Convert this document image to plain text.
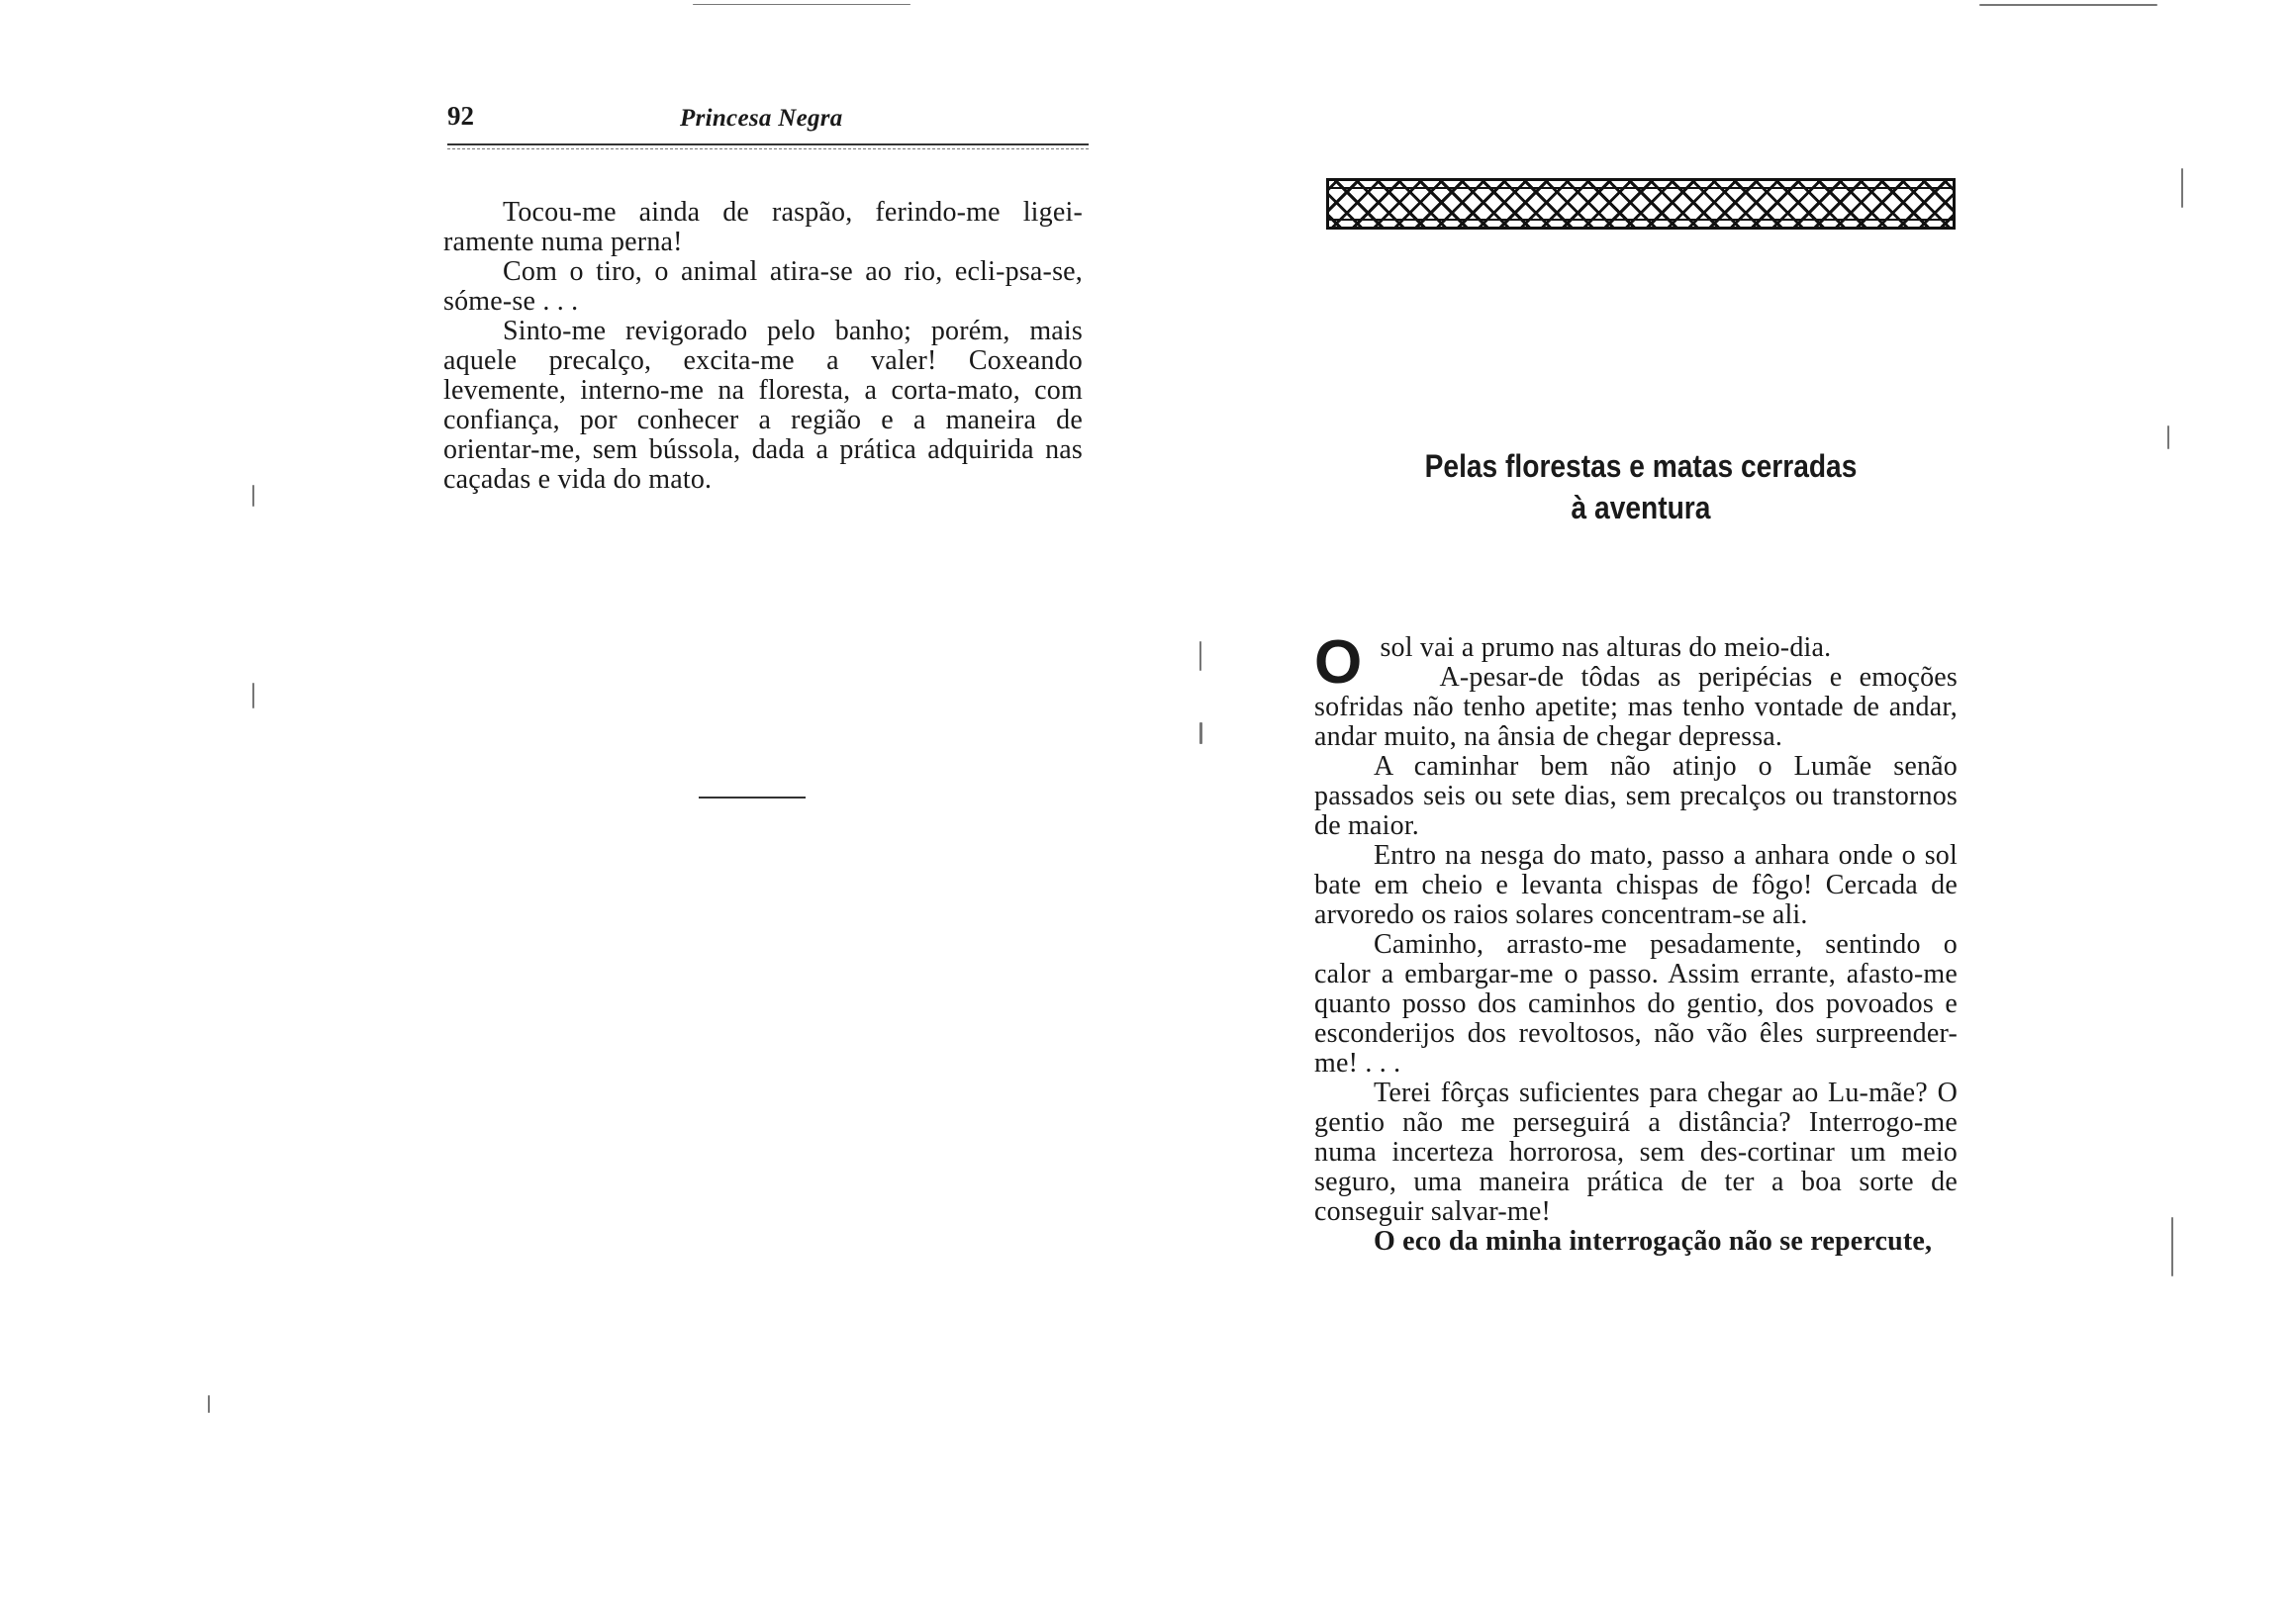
92	Princesa Negra

Tocou-me ainda de raspão, ferindo-me ligei-ramente numa perna!

Com o tiro, o animal atira-se ao rio, ecli-psa-se, sóme-se . . .

Sinto-me revigorado pelo banho; porém, mais aquele precalço, excita-me a valer! Coxeando levemente, interno-me na floresta, a corta-mato, com confiança, por conhecer a região e a maneira de orientar-me, sem bússola, dada a prática adquirida nas caçadas e vida do mato.	Pelas florestas e matas cerradas
à aventura

O sol vai a prumo nas alturas do meio-dia.

A-pesar-de tôdas as peripécias e emoções sofridas não tenho apetite; mas tenho vontade de andar, andar muito, na ânsia de chegar depressa.

A caminhar bem não atinjo o Lumãe senão passados seis ou sete dias, sem precalços ou transtornos de maior.

Entro na nesga do mato, passo a anhara onde o sol bate em cheio e levanta chispas de fôgo! Cercada de arvoredo os raios solares concentram-se ali.

Caminho, arrasto-me pesadamente, sentindo o calor a embargar-me o passo. Assim errante, afasto-me quanto posso dos caminhos do gentio, dos povoados e esconderijos dos revoltosos, não vão êles surpreender-me! . . .

Terei fôrças suficientes para chegar ao Lu-mãe? O gentio não me perseguirá a distância? Interrogo-me numa incerteza horrorosa, sem des-cortinar um meio seguro, uma maneira prática de ter a boa sorte de conseguir salvar-me!

O eco da minha interrogação não se repercute,
